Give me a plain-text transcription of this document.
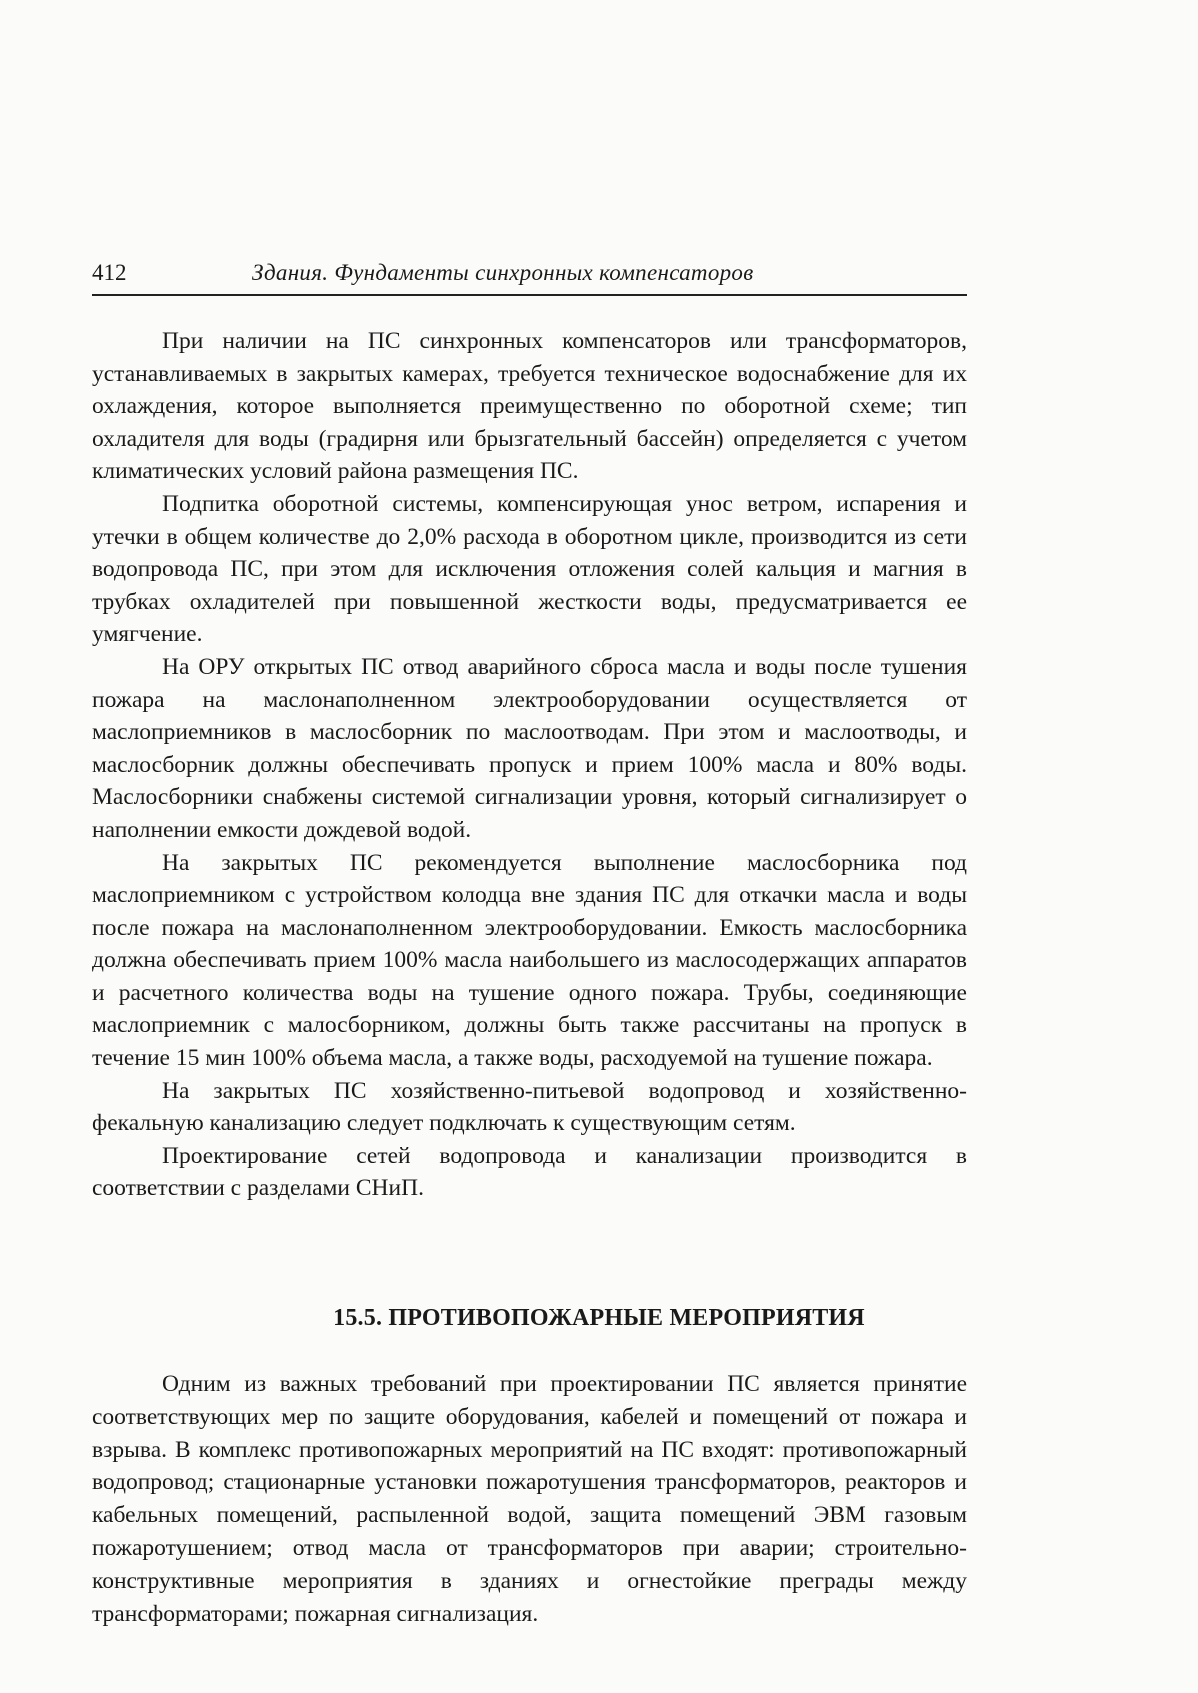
412	Здания. Фундаменты синхронных компенсаторов

При наличии на ПС синхронных компенсаторов или трансформаторов, устанавливаемых в закрытых камерах, требуется техническое водоснабжение для их охлаждения, которое выполняется преимущественно по оборотной схеме; тип охладителя для воды (градирня или брызгательный бассейн) определяется с учетом климатических условий района размещения ПС.

Подпитка оборотной системы, компенсирующая унос ветром, испарения и утечки в общем количестве до 2,0% расхода в оборотном цикле, производится из сети водопровода ПС, при этом для исключения отложения солей кальция и магния в трубках охладителей при повышенной жесткости воды, предусматривается ее умягчение.

На ОРУ открытых ПС отвод аварийного сброса масла и воды после тушения пожара на маслонаполненном электрооборудовании осуществляется от маслоприемников в маслосборник по маслоотводам. При этом и маслоотводы, и маслосборник должны обеспечивать пропуск и прием 100% масла и 80% воды. Маслосборники снабжены системой сигнализации уровня, который сигнализирует о наполнении емкости дождевой водой.

На закрытых ПС рекомендуется выполнение маслосборника под маслоприемником с устройством колодца вне здания ПС для откачки масла и воды после пожара на маслонаполненном электрооборудовании. Емкость маслосборника должна обеспечивать прием 100% масла наибольшего из маслосодержащих аппаратов и расчетного количества воды на тушение одного пожара. Трубы, соединяющие маслоприемник с малосборником, должны быть также рассчитаны на пропуск в течение 15 мин 100% объема масла, а также воды, расходуемой на тушение пожара.

На закрытых ПС хозяйственно-питьевой водопровод и хозяйственно-фекальную канализацию следует подключать к существующим сетям.

Проектирование сетей водопровода и канализации производится в соответствии с разделами СНиП.

15.5. ПРОТИВОПОЖАРНЫЕ МЕРОПРИЯТИЯ

Одним из важных требований при проектировании ПС является принятие соответствующих мер по защите оборудования, кабелей и помещений от пожара и взрыва. В комплекс противопожарных мероприятий на ПС входят: противопожарный водопровод; стационарные установки пожаротушения трансформаторов, реакторов и кабельных помещений, распыленной водой, защита помещений ЭВМ газовым пожаротушением; отвод масла от трансформаторов при аварии; строительно-конструктивные мероприятия в зданиях и огнестойкие преграды между трансформаторами; пожарная сигнализация.
